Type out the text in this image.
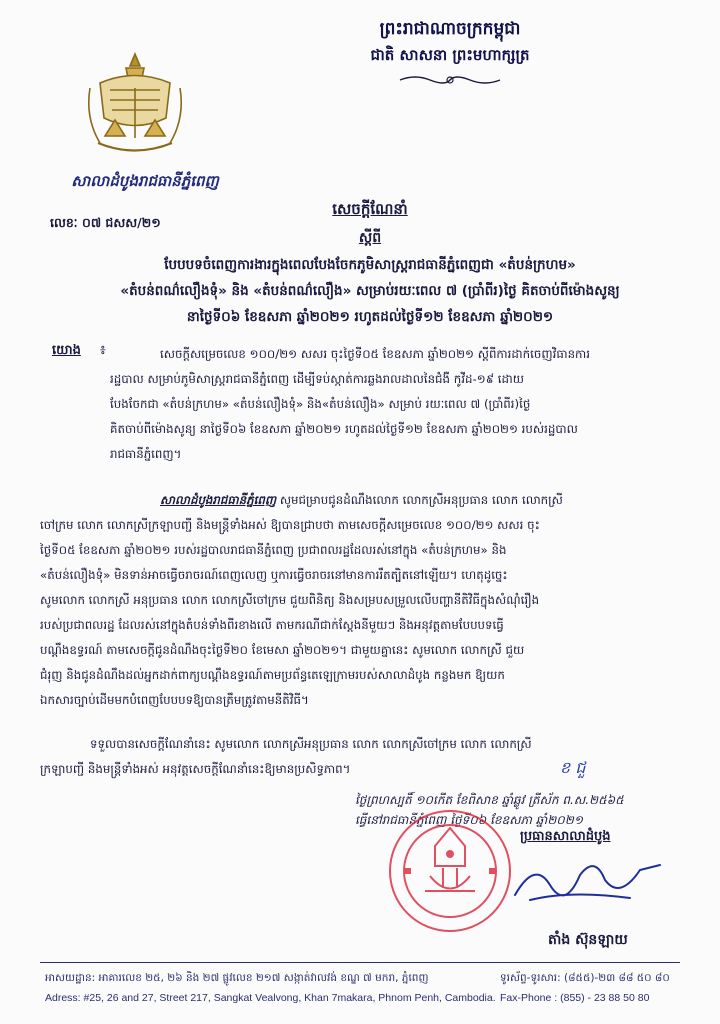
ព្រះរាជាណាចក្រកម្ពុជា
ជាតិ សាសនា ព្រះមហាក្សត្រ
សាលាដំបូងរាជធានីភ្នំពេញ
លេខៈ ០៧ ជសស/២១
សេចក្តីណែនាំ
ស្តីពី
បែបបទចំពេញការងារក្នុងពេលបែងចែកភូមិសាស្ត្ររាជធានីភ្នំពេញជា «តំបន់ក្រហម»
«តំបន់ពណ៌លឿងទុំ» និង «តំបន់ពណ៌លឿង» សម្រាប់រយៈពេល ៧ (ប្រាំពីរ)ថ្ងៃ គិតចាប់ពីម៉ោងសូន្យ
នាថ្ងៃទី០៦ ខែឧសភា ឆ្នាំ២០២១ រហូតដល់ថ្ងៃទី១២ ខែឧសភា ឆ្នាំ២០២១
យោង ៖	សេចក្តីសម្រេចលេខ ១០០/២១ សសរ ចុះថ្ងៃទី០៥ ខែឧសភា ឆ្នាំ២០២១ ស្តីពីការដាក់ចេញវិធានការ
រដ្ឋបាល សម្រាប់ភូមិសាស្ត្ររាជធានីភ្នំពេញ ដើម្បីទប់ស្កាត់ការឆ្លងរាលដាលនៃជំងឺ កូវីដ-១៩ ដោយ
បែងចែកជា «តំបន់ក្រហម» «តំបន់លឿងទុំ» និង«តំបន់លឿង» សម្រាប់ រយៈពេល ៧ (ប្រាំពីរ)ថ្ងៃ
គិតចាប់ពីម៉ោងសូន្យ នាថ្ងៃទី០៦ ខែឧសភា ឆ្នាំ២០២១ រហូតដល់ថ្ងៃទី១២ ខែឧសភា ឆ្នាំ២០២១ របស់រដ្ឋបាល
រាជធានីភ្នំពេញ។
សាលាដំបូងរាជធានីភ្នំពេញ សូមជម្រាបជូនដំណឹងលោក លោកស្រីអនុប្រធាន លោក លោកស្រី
ចៅក្រម លោក លោកស្រីក្រឡាបញ្ជី និងមន្ត្រីទាំងអស់ ឱ្យបានជ្រាបថា តាមសេចក្តីសម្រេចលេខ ១០០/២១ សសរ ចុះ
ថ្ងៃទី០៥ ខែឧសភា ឆ្នាំ២០២១ របស់រដ្ឋបាលរាជធានីភ្នំពេញ ប្រជាពលរដ្ឋដែលរស់នៅក្នុង «តំបន់ក្រហម» និង
«តំបន់លឿងទុំ» មិនទាន់អាចធ្វើចរាចរណ៍ពេញលេញ ឬការធ្វើចរាចរនៅមានការរឹតត្បិតនៅឡើយ។ ហេតុដូច្នេះ
សូមលោក លោកស្រី អនុប្រធាន លោក លោកស្រីចៅក្រម ជួយពិនិត្យ និងសម្របសម្រួលលើបញ្ហានីតិវិធីក្នុងសំណុំរឿង
របស់ប្រជាពលរដ្ឋ ដែលរស់នៅក្នុងតំបន់ទាំងពីរខាងលើ តាមករណីជាក់ស្តែងនីមួយៗ និងអនុវត្តតាមបែបបទធ្វើ
បណ្តឹងឧទ្ធរណ៍ តាមសេចក្តីជូនដំណឹងចុះថ្ងៃទី២០ ខែមេសា ឆ្នាំ២០២១។ ជាមួយគ្នានេះ សូមលោក លោកស្រី ជួយ
ជំរុញ និងជូនដំណឹងដល់អ្នកដាក់ពាក្យបណ្តឹងឧទ្ធរណ៍តាមប្រព័ន្ធតេឡេក្រាមរបស់សាលាដំបូង កន្លងមក ឱ្យយក
ឯកសារច្បាប់ដើមមកបំពេញបែបបទឱ្យបានត្រឹមត្រូវតាមនីតិវិធី។
ទទួលបានសេចក្តីណែនាំនេះ សូមលោក លោកស្រីអនុប្រធាន លោក លោកស្រីចៅក្រម លោក លោកស្រី
ក្រឡាបញ្ជី និងមន្ត្រីទាំងអស់ អនុវត្តសេចក្តីណែនាំនេះឱ្យមានប្រសិទ្ធភាព។	ខ ជួ
ថ្ងៃព្រហស្បតិ៍ ១០កើត ខែពិសាខ ឆ្នាំឆ្លូវ ត្រីស័ក ព.ស.២៥៦៥
ធ្វើនៅរាជធានីភ្នំពេញ ថ្ងៃទី០៦ ខែឧសភា ឆ្នាំ២០២១
ប្រធានសាលាដំបូង
តាំង ស៊ុនឡាយ
អាសយដ្ឋាន: អាគារលេខ ២៥, ២៦ និង ២៧ ផ្លូវលេខ ២១៧ សង្កាត់វាលវង់ ខណ្ឌ ៧ មករា, ភ្នំពេញ
Adress: #25, 26 and 27, Street 217, Sangkat Vealvong, Khan 7makara, Phnom Penh, Cambodia.
ទូរស័ព្ទ-ទូរសារ: (៨៥៥)-២៣ ៨៨ ៥០ ៨០
Fax-Phone : (855) - 23 88 50 80
